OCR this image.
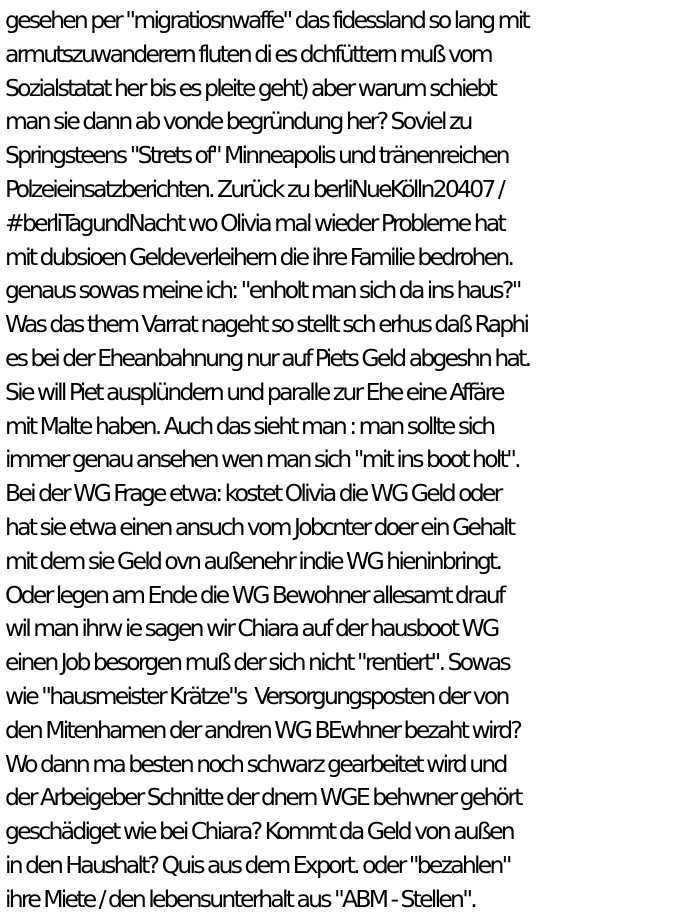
gesehen per "migratiosnwaffe" das fidessland so lang mit
armutszuwanderern fluten di es dchfüttern muß vom
Sozialstatat her bis es pleite geht) aber warum schiebt
man sie dann ab vonde begründung her? Soviel zu
Springsteens "Strets of" Minneapolis und tränenreichen
Polzeieinsatzberichten. Zurück zu berliNueKölln20407 /
#berliTagundNacht wo Olivia mal wieder Probleme hat
mit dubsioen Geldeverleihern die ihre Familie bedrohen.
genaus sowas meine ich: "enholt man sich da ins haus?"
Was das them Varrat nageht so stellt sch erhus daß Raphi
es bei der Eheanbahnung nur auf Piets Geld abgeshn hat.
Sie will Piet ausplündern und paralle zur Ehe eine Affäre
mit Malte haben. Auch das sieht man : man sollte sich
immer genau ansehen wen man sich "mit ins boot holt".
Bei der WG Frage etwa: kostet Olivia die WG Geld oder
hat sie etwa einen ansuch vom Jobcnter doer ein Gehalt
mit dem sie Geld ovn außenehr indie WG hieninbringt.
Oder legen am Ende die WG Bewohner allesamt drauf
wil man ihrw ie sagen wir Chiara auf der hausboot WG
einen Job besorgen muß der sich nicht "rentiert". Sowas
wie "hausmeister Krätze"s  Versorgungsposten der von
den Mitenhamen der andren WG BEwhner bezaht wird?
Wo dann ma besten noch schwarz gearbeitet wird und
der Arbeigeber Schnitte der dnern WGE behwner gehört
geschädiget wie bei Chiara? Kommt da Geld von außen
in den Haushalt? Quis aus dem Export. oder "bezahlen"
ihre Miete / den lebensunterhalt aus "ABM - Stellen".
